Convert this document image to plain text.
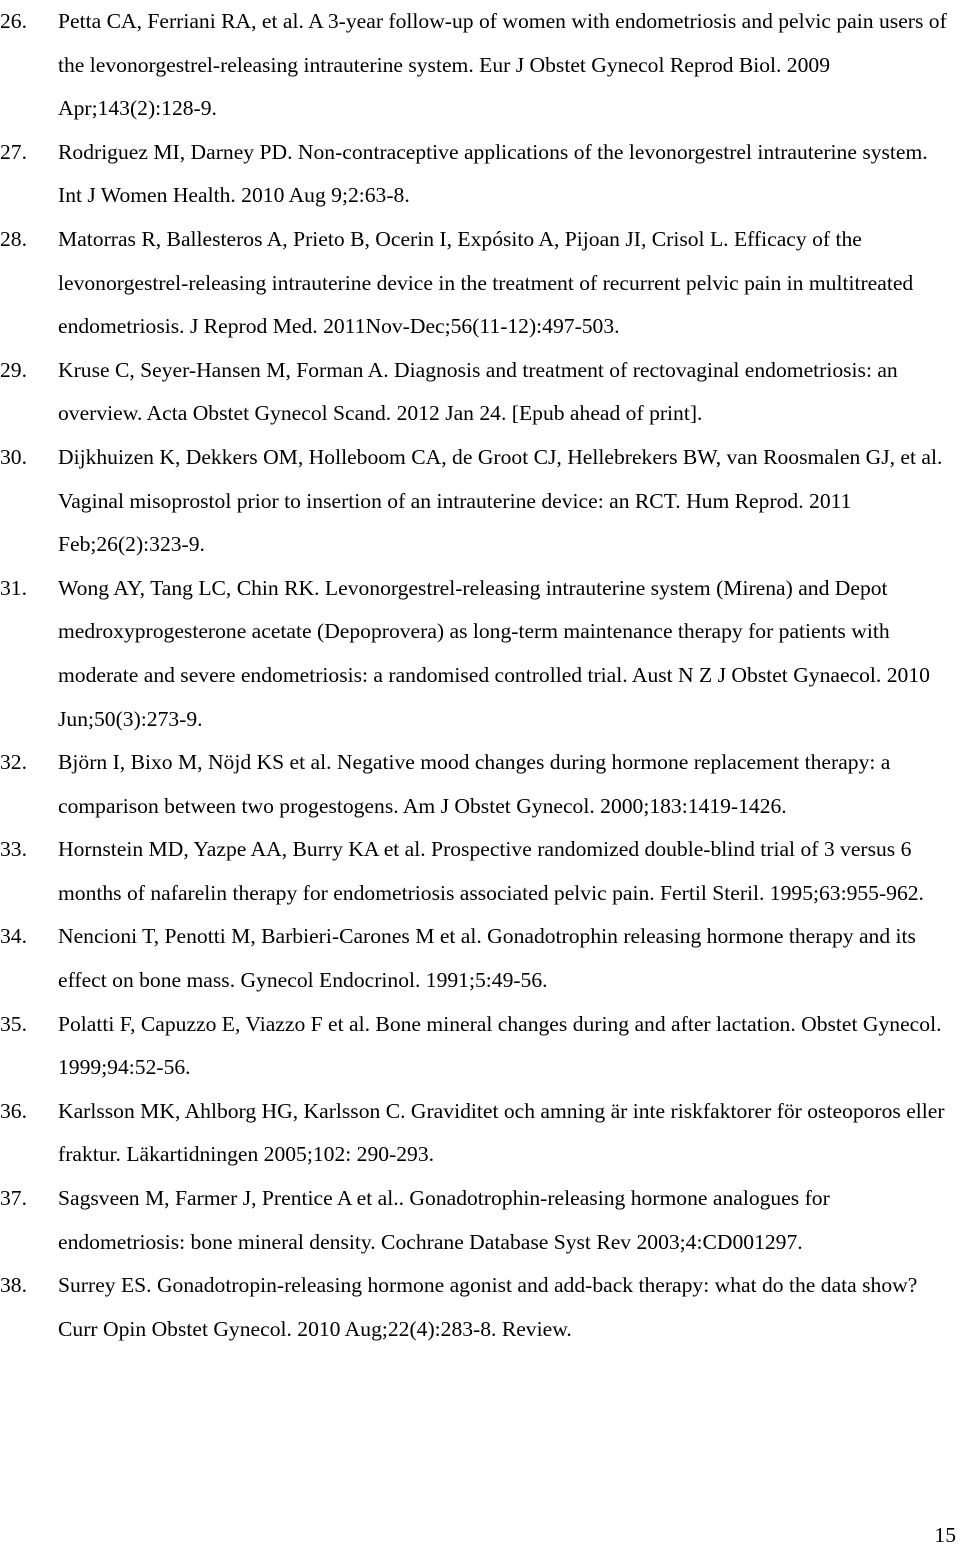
26.	Petta CA, Ferriani RA, et al. A 3-year follow-up of women with endometriosis and pelvic pain users of the levonorgestrel-releasing intrauterine system. Eur J Obstet Gynecol Reprod Biol. 2009 Apr;143(2):128-9.
27.	Rodriguez MI, Darney PD. Non-contraceptive applications of the levonorgestrel intrauterine system. Int J Women Health. 2010 Aug 9;2:63-8.
28.	Matorras R, Ballesteros A, Prieto B, Ocerin I, Expósito A, Pijoan JI, Crisol L. Efficacy of the levonorgestrel-releasing intrauterine device in the treatment of recurrent pelvic pain in multitreated endometriosis. J Reprod Med. 2011Nov-Dec;56(11-12):497-503.
29.	Kruse C, Seyer-Hansen M, Forman A. Diagnosis and treatment of rectovaginal endometriosis: an overview. Acta Obstet Gynecol Scand. 2012 Jan 24. [Epub ahead of print].
30.	Dijkhuizen K, Dekkers OM, Holleboom CA, de Groot CJ, Hellebrekers BW, van Roosmalen GJ, et al. Vaginal misoprostol prior to insertion of an intrauterine device: an RCT. Hum Reprod. 2011 Feb;26(2):323-9.
31.	Wong AY, Tang LC, Chin RK. Levonorgestrel-releasing intrauterine system (Mirena) and Depot medroxyprogesterone acetate (Depoprovera) as long-term maintenance therapy for patients with moderate and severe endometriosis: a randomised controlled trial. Aust N Z J Obstet Gynaecol. 2010 Jun;50(3):273-9.
32.	Björn I, Bixo M, Nöjd KS et al. Negative mood changes during hormone replacement therapy: a comparison between two progestogens. Am J Obstet Gynecol. 2000;183:1419-1426.
33.	Hornstein MD, Yazpe AA, Burry KA et al. Prospective randomized double-blind trial of 3 versus 6 months of nafarelin therapy for endometriosis associated pelvic pain. Fertil Steril. 1995;63:955-962.
34.	Nencioni T, Penotti M, Barbieri-Carones M et al. Gonadotrophin releasing hormone therapy and its effect on bone mass. Gynecol Endocrinol. 1991;5:49-56.
35.	Polatti F, Capuzzo E, Viazzo F et al. Bone mineral changes during and after lactation. Obstet Gynecol. 1999;94:52-56.
36.	Karlsson MK, Ahlborg HG, Karlsson C. Graviditet och amning är inte riskfaktorer för osteoporos eller fraktur. Läkartidningen 2005;102: 290-293.
37.	Sagsveen M, Farmer J, Prentice A et al.. Gonadotrophin-releasing hormone analogues for endometriosis: bone mineral density. Cochrane Database Syst Rev 2003;4:CD001297.
38.	Surrey ES. Gonadotropin-releasing hormone agonist and add-back therapy: what do the data show? Curr Opin Obstet Gynecol. 2010 Aug;22(4):283-8. Review.
15
